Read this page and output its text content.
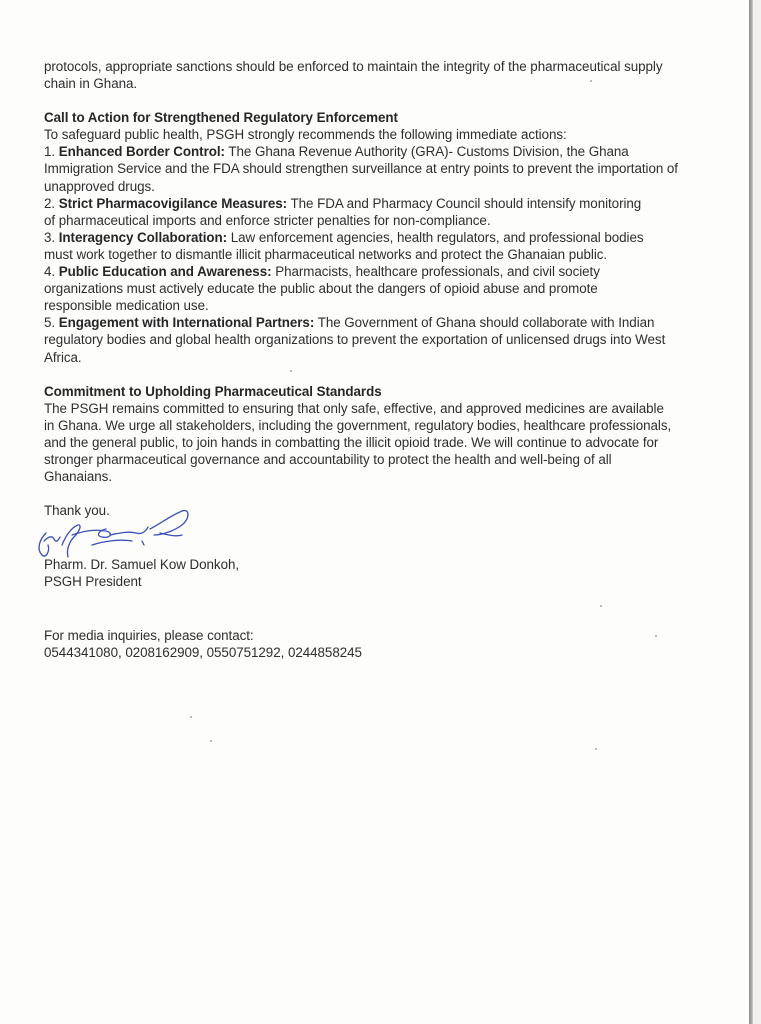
protocols, appropriate sanctions should be enforced to maintain the integrity of the pharmaceutical supply chain in Ghana.

Call to Action for Strengthened Regulatory Enforcement

To safeguard public health, PSGH strongly recommends the following immediate actions:

1. Enhanced Border Control: The Ghana Revenue Authority (GRA)- Customs Division, the Ghana Immigration Service and the FDA should strengthen surveillance at entry points to prevent the importation of unapproved drugs.

2. Strict Pharmacovigilance Measures: The FDA and Pharmacy Council should intensify monitoring of pharmaceutical imports and enforce stricter penalties for non-compliance.

3. Interagency Collaboration: Law enforcement agencies, health regulators, and professional bodies must work together to dismantle illicit pharmaceutical networks and protect the Ghanaian public.

4. Public Education and Awareness: Pharmacists, healthcare professionals, and civil society organizations must actively educate the public about the dangers of opioid abuse and promote responsible medication use.

5. Engagement with International Partners: The Government of Ghana should collaborate with Indian regulatory bodies and global health organizations to prevent the exportation of unlicensed drugs into West Africa.

Commitment to Upholding Pharmaceutical Standards

The PSGH remains committed to ensuring that only safe, effective, and approved medicines are available in Ghana. We urge all stakeholders, including the government, regulatory bodies, healthcare professionals, and the general public, to join hands in combatting the illicit opioid trade. We will continue to advocate for stronger pharmaceutical governance and accountability to protect the health and well-being of all Ghanaians.

Thank you.

Pharm. Dr. Samuel Kow Donkoh,

PSGH President

For media inquiries, please contact:

0544341080, 0208162909, 0550751292, 0244858245
